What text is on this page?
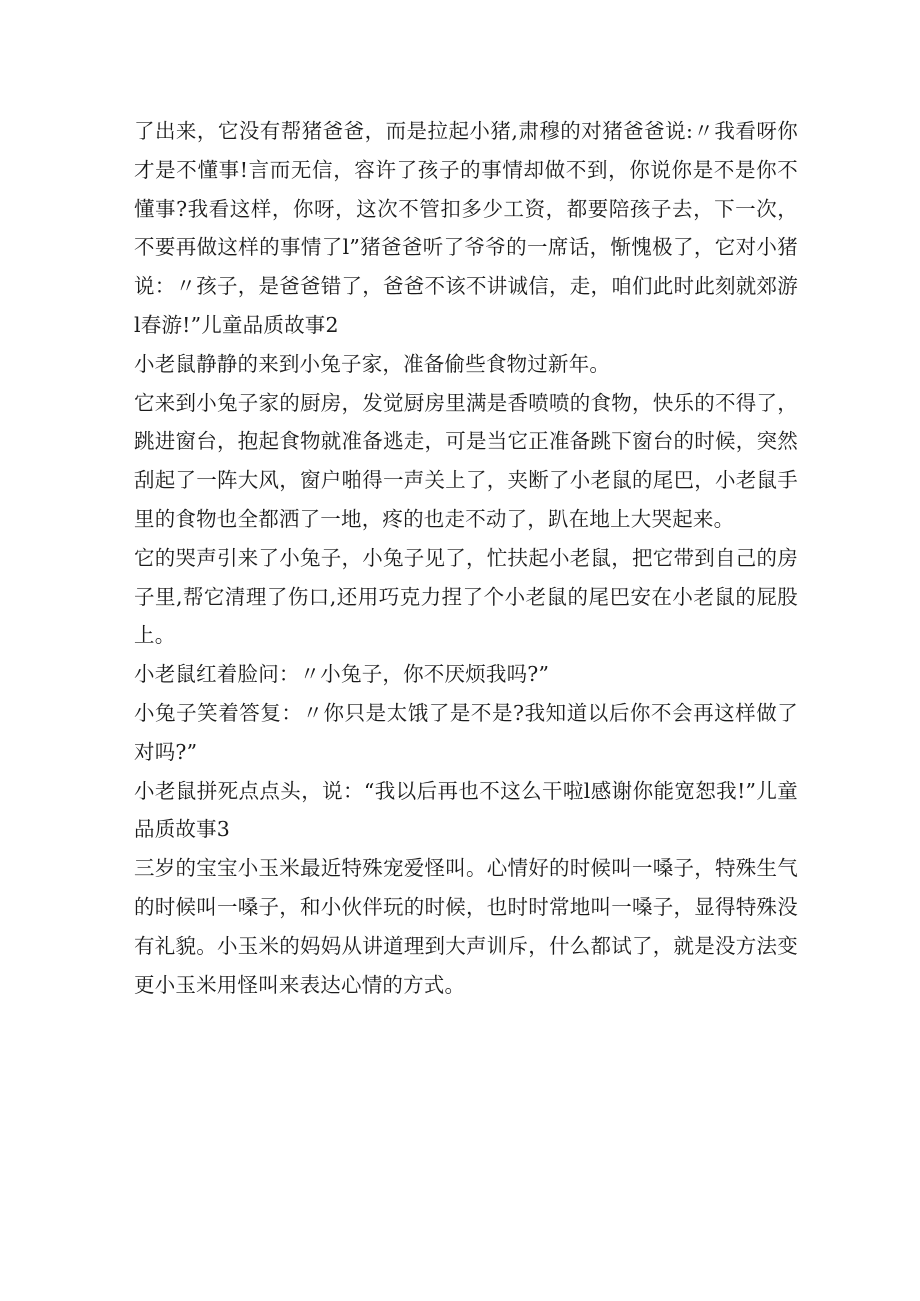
了出来，它没有帮猪爸爸，而是拉起小猪,肃穆的对猪爸爸说:〃我看呀你才是不懂事!言而无信，容许了孩子的事情却做不到，你说你是不是你不懂事?我看这样，你呀，这次不管扣多少工资，都要陪孩子去，下一次，不要再做这样的事情了l”猪爸爸听了爷爷的一席话，惭愧极了，它对小猪说：〃孩子，是爸爸错了，爸爸不该不讲诚信，走，咱们此时此刻就郊游l春游!”儿童品质故事2

小老鼠静静的来到小兔子家，准备偷些食物过新年。

它来到小兔子家的厨房，发觉厨房里满是香喷喷的食物，快乐的不得了，跳进窗台，抱起食物就准备逃走，可是当它正准备跳下窗台的时候，突然刮起了一阵大风，窗户啪得一声关上了，夹断了小老鼠的尾巴，小老鼠手里的食物也全都洒了一地，疼的也走不动了，趴在地上大哭起来。

它的哭声引来了小兔子，小兔子见了，忙扶起小老鼠，把它带到自己的房子里,帮它清理了伤口,还用巧克力捏了个小老鼠的尾巴安在小老鼠的屁股上。

小老鼠红着脸问：〃小兔子，你不厌烦我吗?”

小兔子笑着答复：〃你只是太饿了是不是?我知道以后你不会再这样做了对吗?”

小老鼠拼死点点头，说：“我以后再也不这么干啦l感谢你能宽恕我!”儿童品质故事3

三岁的宝宝小玉米最近特殊宠爱怪叫。心情好的时候叫一嗓子，特殊生气的时候叫一嗓子，和小伙伴玩的时候，也时时常地叫一嗓子，显得特殊没有礼貌。小玉米的妈妈从讲道理到大声训斥，什么都试了，就是没方法变更小玉米用怪叫来表达心情的方式。
